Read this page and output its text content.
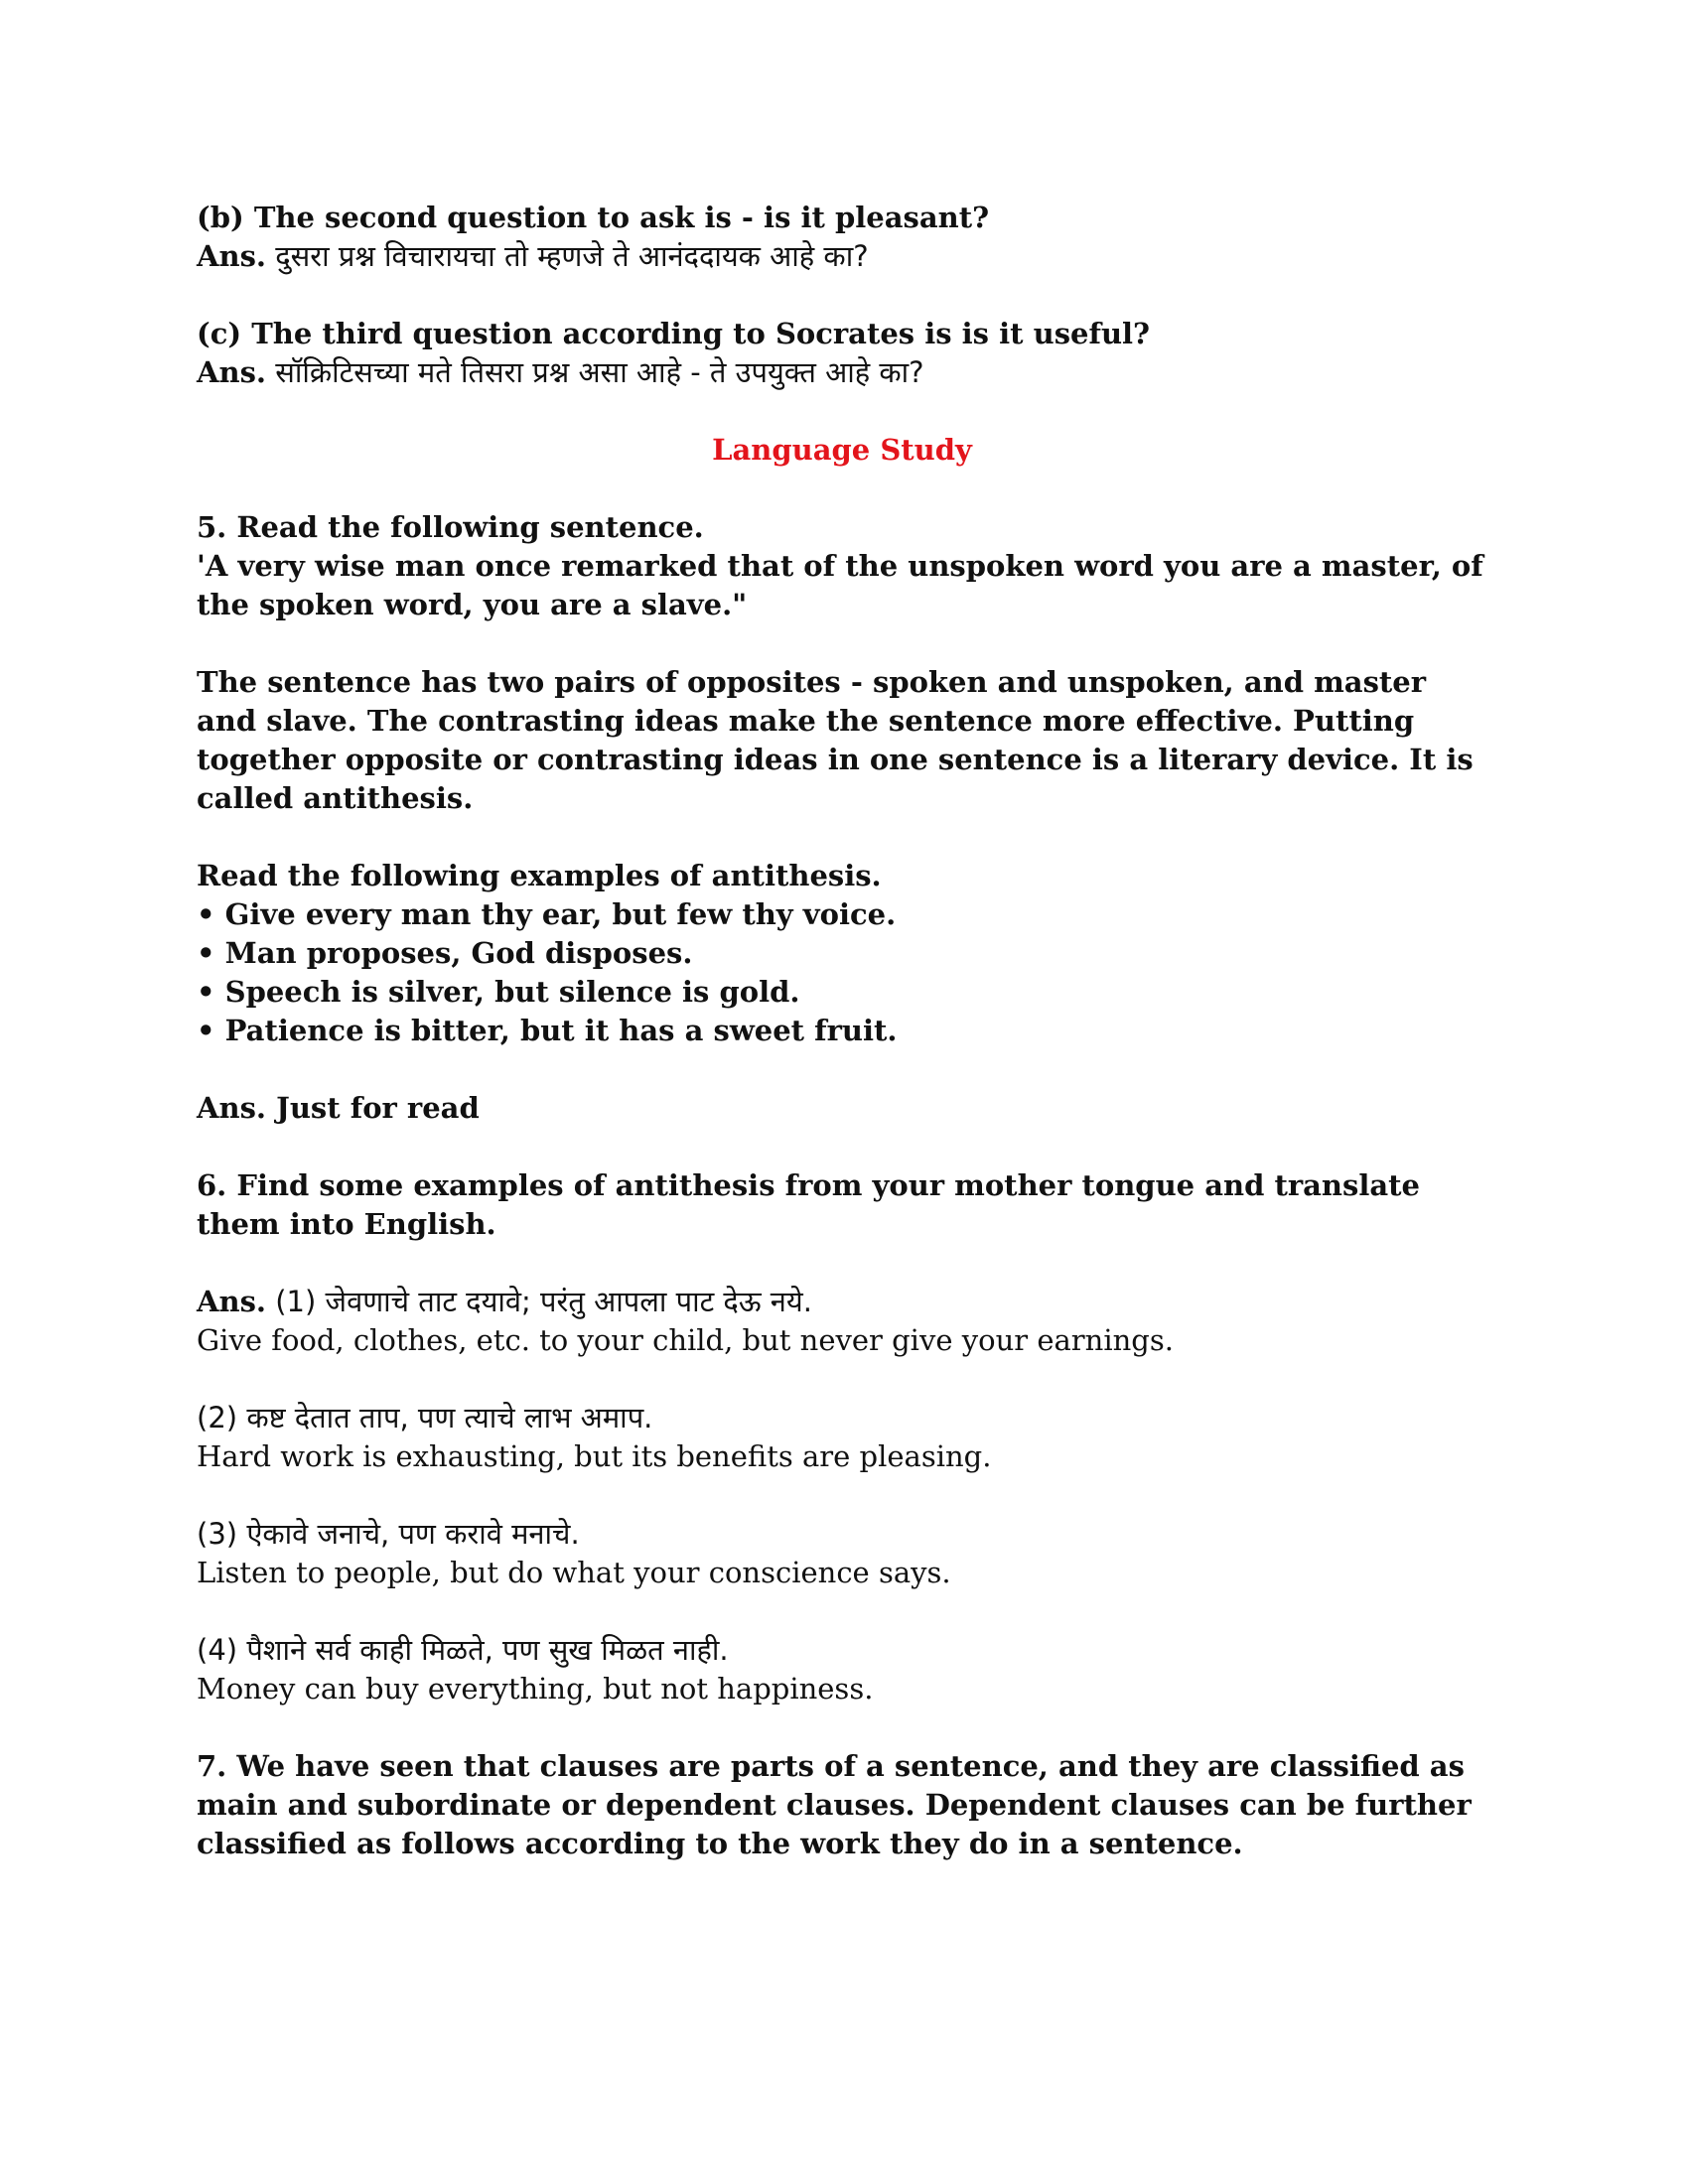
(b) The second question to ask is - is it pleasant?

Ans. दुसरा प्रश्न विचारायचा तो म्हणजे ते आनंददायक आहे का?

(c) The third question according to Socrates is is it useful?

Ans. सॉक्रिटिसच्या मते तिसरा प्रश्न असा आहे - ते उपयुक्त आहे का?

Language Study

5. Read the following sentence.

'A very wise man once remarked that of the unspoken word you are a master, of the spoken word, you are a slave."

The sentence has two pairs of opposites - spoken and unspoken, and master and slave. The contrasting ideas make the sentence more effective. Putting together opposite or contrasting ideas in one sentence is a literary device. It is called antithesis.

Read the following examples of antithesis.

• Give every man thy ear, but few thy voice.
• Man proposes, God disposes.
• Speech is silver, but silence is gold.
• Patience is bitter, but it has a sweet fruit.

Ans. Just for read

6. Find some examples of antithesis from your mother tongue and translate them into English.

Ans. (1) जेवणाचे ताट दयावे; परंतु आपला पाट देऊ नये.

Give food, clothes, etc. to your child, but never give your earnings.

(2) कष्ट देतात ताप, पण त्याचे लाभ अमाप.

Hard work is exhausting, but its benefits are pleasing.

(3) ऐकावे जनाचे, पण करावे मनाचे.

Listen to people, but do what your conscience says.

(4) पैशाने सर्व काही मिळते, पण सुख मिळत नाही.

Money can buy everything, but not happiness.

7. We have seen that clauses are parts of a sentence, and they are classified as main and subordinate or dependent clauses. Dependent clauses can be further classified as follows according to the work they do in a sentence.
